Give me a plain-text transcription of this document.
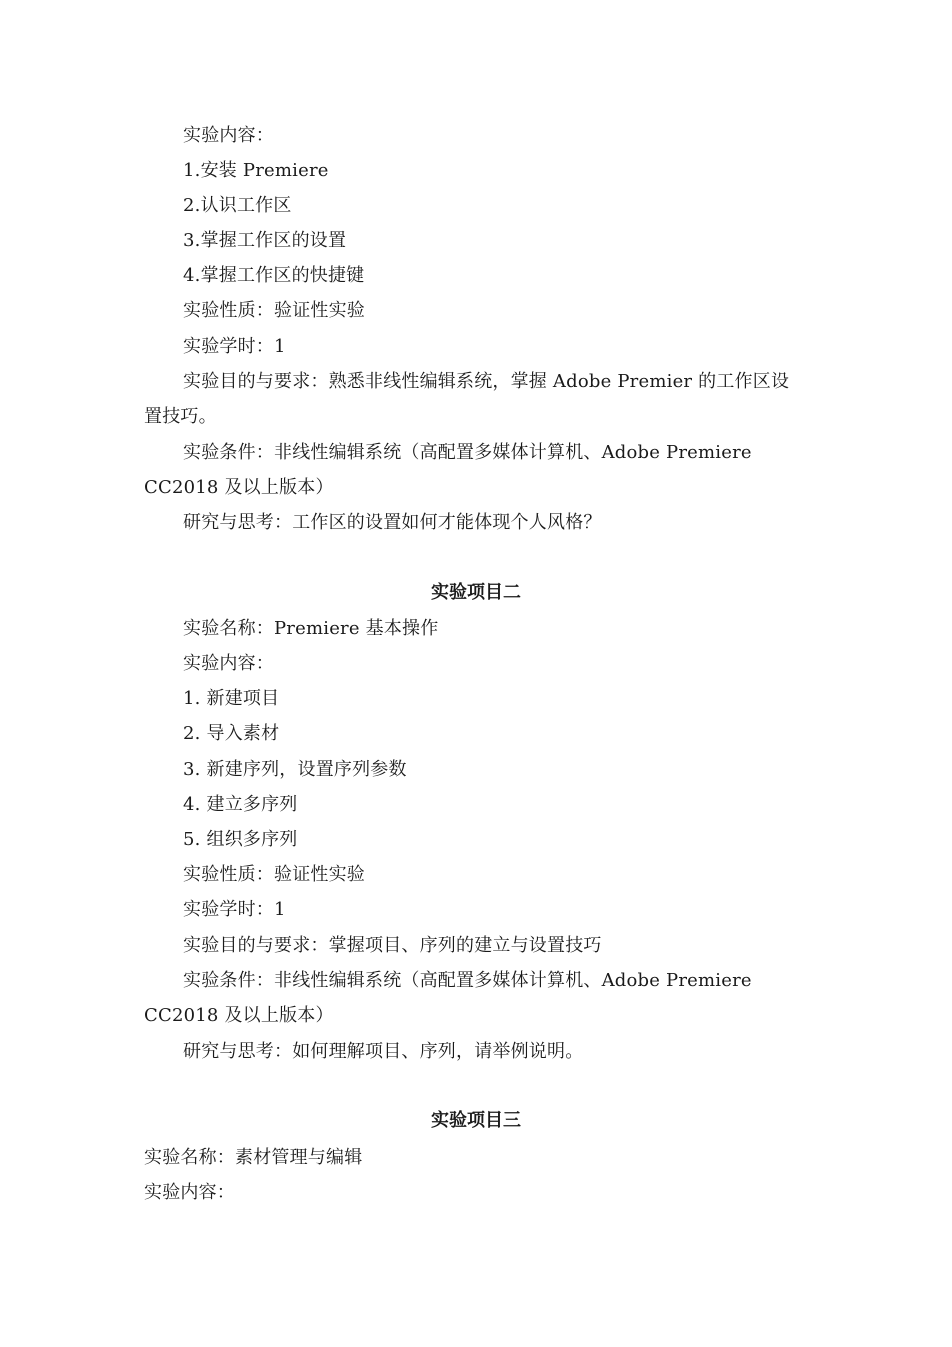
实验内容：
1.安装 Premiere
2.认识工作区
3.掌握工作区的设置
4.掌握工作区的快捷键
实验性质：验证性实验
实验学时：1
实验目的与要求：熟悉非线性编辑系统，掌握 Adobe Premier 的工作区设
置技巧。
实验条件：非线性编辑系统（高配置多媒体计算机、Adobe Premiere
CC2018 及以上版本）
研究与思考：工作区的设置如何才能体现个人风格？
实验项目二
实验名称：Premiere 基本操作
实验内容：
1. 新建项目
2. 导入素材
3. 新建序列，设置序列参数
4. 建立多序列
5. 组织多序列
实验性质：验证性实验
实验学时：1
实验目的与要求：掌握项目、序列的建立与设置技巧
实验条件：非线性编辑系统（高配置多媒体计算机、Adobe Premiere
CC2018 及以上版本）
研究与思考：如何理解项目、序列，请举例说明。
实验项目三
实验名称：素材管理与编辑
实验内容：
